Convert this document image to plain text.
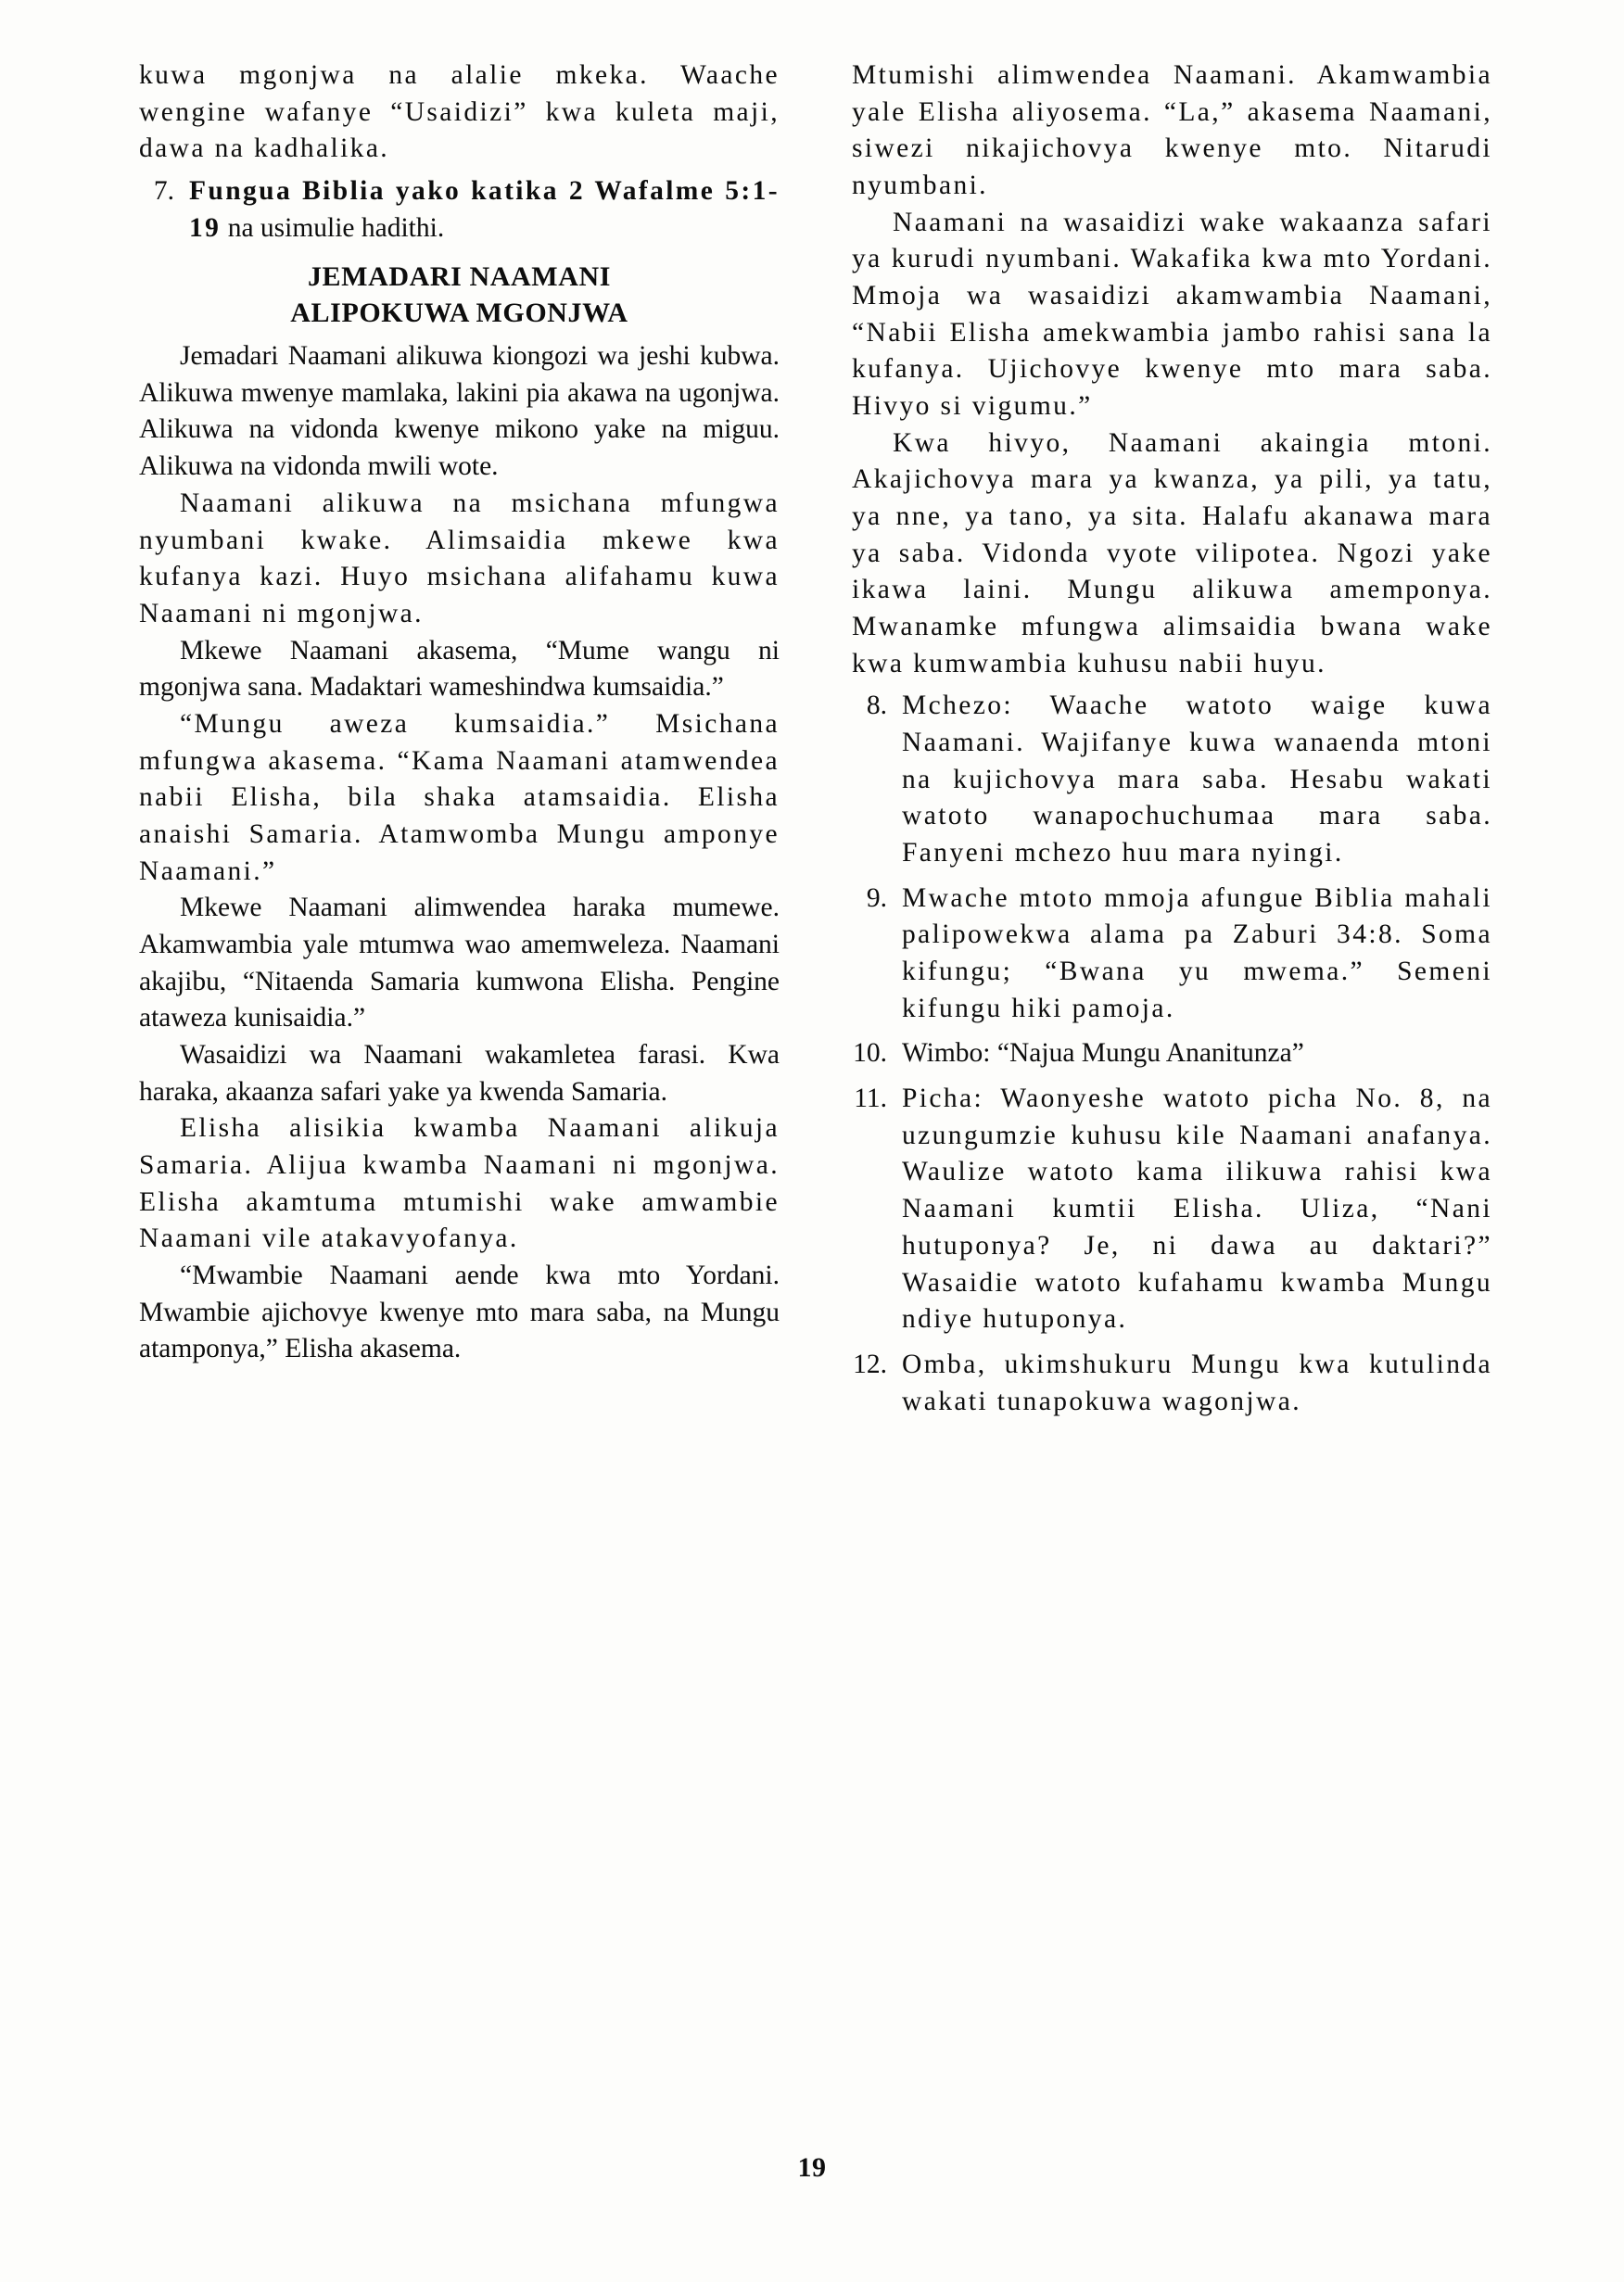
kuwa mgonjwa na alalie mkeka. Waache wengine wafanye “Usaidizi” kwa kuleta maji, dawa na kadhalika.
7. Fungua Biblia yako katika 2 Wafalme 5:1-19 na usimulie hadithi.
JEMADARI NAAMANI
ALIPOKUWA MGONJWA
Jemadari Naamani alikuwa kiongozi wa jeshi kubwa. Alikuwa mwenye mamlaka, lakini pia akawa na ugonjwa. Alikuwa na vidonda kwenye mikono yake na miguu. Alikuwa na vidonda mwili wote.
Naamani alikuwa na msichana mfungwa nyumbani kwake. Alimsaidia mkewe kwa kufanya kazi. Huyo msichana alifahamu kuwa Naamani ni mgonjwa.
Mkewe Naamani akasema, “Mume wangu ni mgonjwa sana. Madaktari wameshindwa kumsaidia.”
“Mungu aweza kumsaidia.” Msichana mfungwa akasema. “Kama Naamani atamwendea nabii Elisha, bila shaka atamsaidia. Elisha anaishi Samaria. Atamwomba Mungu amponye Naamani.”
Mkewe Naamani alimwendea haraka mumewe. Akamwambia yale mtumwa wao amemweleza. Naamani akajibu, “Nitaenda Samaria kumwona Elisha. Pengine ataweza kunisaidia.”
Wasaidizi wa Naamani wakamletea farasi. Kwa haraka, akaanza safari yake ya kwenda Samaria.
Elisha alisikia kwamba Naamani alikuja Samaria. Alijua kwamba Naamani ni mgonjwa. Elisha akamtuma mtumishi wake amwambie Naamani vile atakavyofanya.
“Mwambie Naamani aende kwa mto Yordani. Mwambie ajichovye kwenye mto mara saba, na Mungu atamponya,” Elisha akasema.
Mtumishi alimwendea Naamani. Akamwambia yale Elisha aliyosema. “La,” akasema Naamani, siwezi nikajichovya kwenye mto. Nitarudi nyumbani.
Naamani na wasaidizi wake wakaanza safari ya kurudi nyumbani. Wakafika kwa mto Yordani. Mmoja wa wasaidizi akamwambia Naamani, “Nabii Elisha amekwambia jambo rahisi sana la kufanya. Ujichovye kwenye mto mara saba. Hivyo si vigumu.”
Kwa hivyo, Naamani akaingia mtoni. Akajichovya mara ya kwanza, ya pili, ya tatu, ya nne, ya tano, ya sita. Halafu akanawa mara ya saba. Vidonda vyote vilipotea. Ngozi yake ikawa laini. Mungu alikuwa amemponya. Mwanamke mfungwa alimsaidia bwana wake kwa kumwambia kuhusu nabii huyu.
8. Mchezo: Waache watoto waige kuwa Naamani. Wajifanye kuwa wanaenda mtoni na kujichovya mara saba. Hesabu wakati watoto wanapochuchumaa mara saba. Fanyeni mchezo huu mara nyingi.
9. Mwache mtoto mmoja afungue Biblia mahali palipowekwa alama pa Zaburi 34:8. Soma kifungu; “Bwana yu mwema.” Semeni kifungu hiki pamoja.
10. Wimbo: “Najua Mungu Ananitunza”
11. Picha: Waonyeshe watoto picha No. 8, na uzungumzie kuhusu kile Naamani anafanya. Waulize watoto kama ilikuwa rahisi kwa Naamani kumtii Elisha. Uliza, “Nani hutuponya? Je, ni dawa au daktari?” Wasaidie watoto kufahamu kwamba Mungu ndiye hutuponya.
12. Omba, ukimshukuru Mungu kwa kutulinda wakati tunapokuwa wagonjwa.
19
